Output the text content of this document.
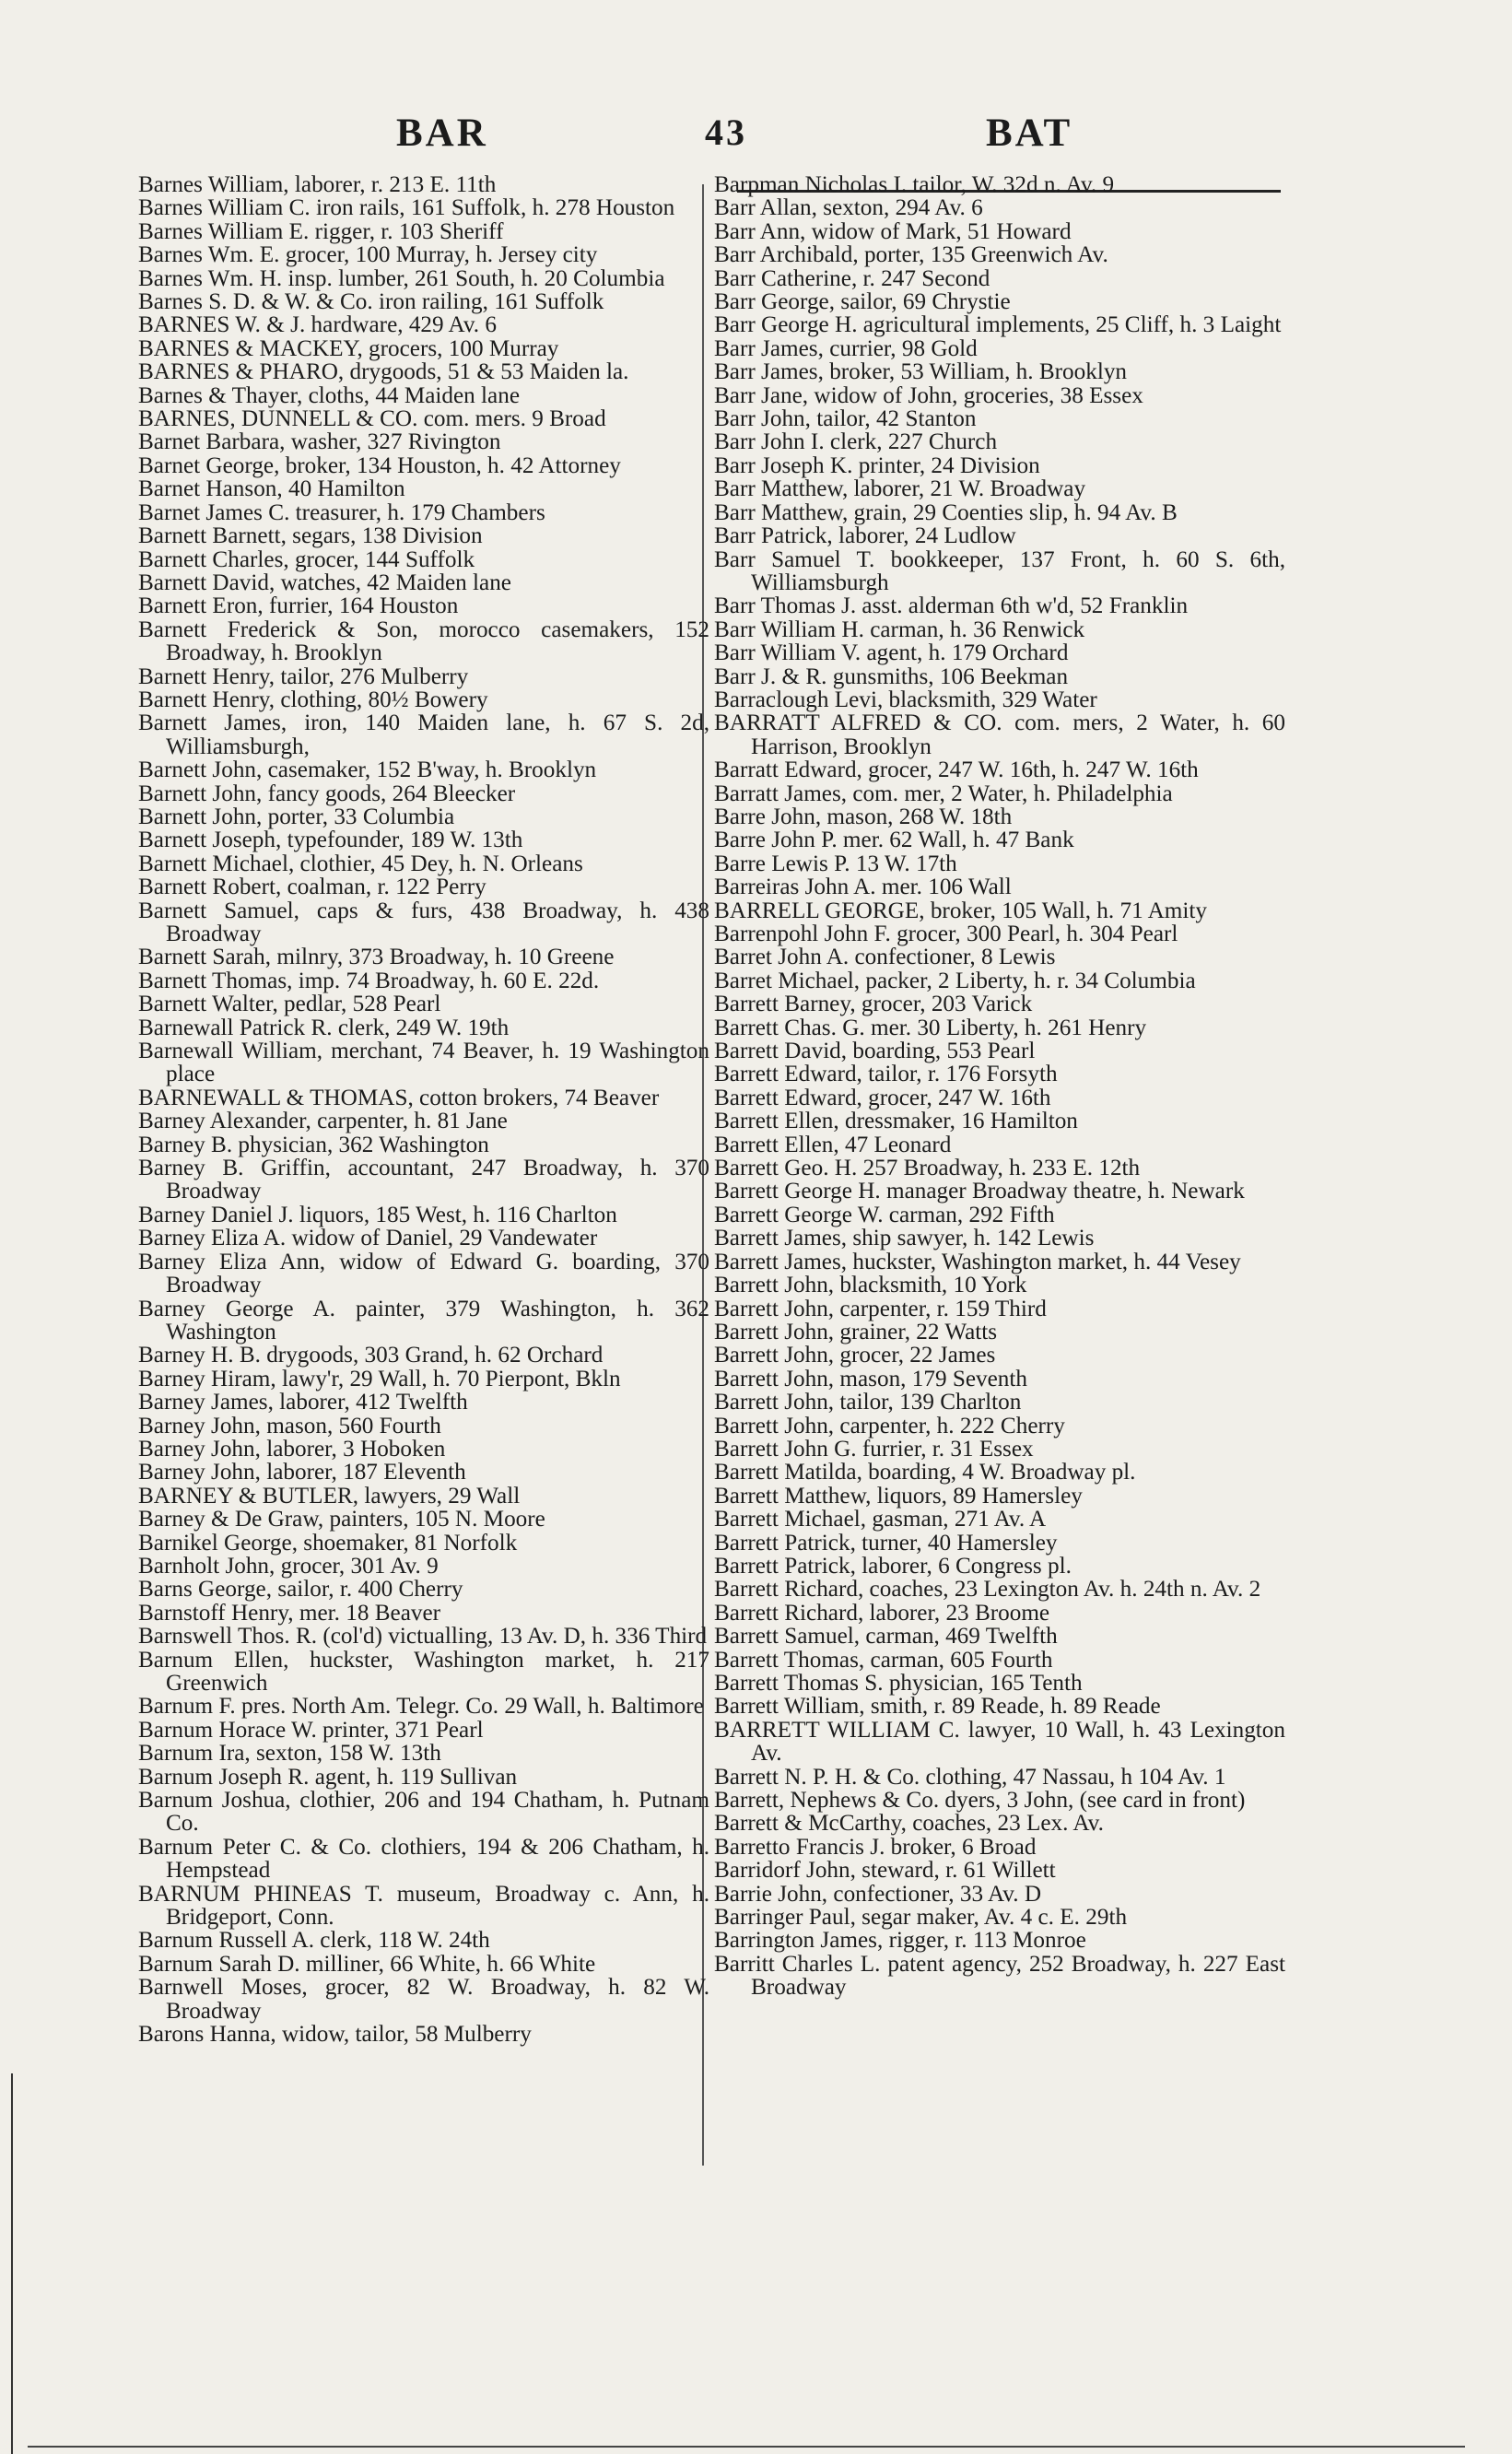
BAR	43	BAT

Barnes William, laborer, r. 213 E. 11th

Barnes William C. iron rails, 161 Suffolk, h. 278 Houston

Barnes William E. rigger, r. 103 Sheriff

Barnes Wm. E. grocer, 100 Murray, h. Jersey city

Barnes Wm. H. insp. lumber, 261 South, h. 20 Columbia

Barnes S. D. & W. & Co. iron railing, 161 Suffolk

BARNES W. & J. hardware, 429 Av. 6

BARNES & MACKEY, grocers, 100 Murray

BARNES & PHARO, drygoods, 51 & 53 Maiden la.

Barnes & Thayer, cloths, 44 Maiden lane

BARNES, DUNNELL & CO. com. mers. 9 Broad

Barnet Barbara, washer, 327 Rivington

Barnet George, broker, 134 Houston, h. 42 Attorney

Barnet Hanson, 40 Hamilton

Barnet James C. treasurer, h. 179 Chambers

Barnett Barnett, segars, 138 Division

Barnett Charles, grocer, 144 Suffolk

Barnett David, watches, 42 Maiden lane

Barnett Eron, furrier, 164 Houston

Barnett Frederick & Son, morocco casemakers, 152 Broadway, h. Brooklyn

Barnett Henry, tailor, 276 Mulberry

Barnett Henry, clothing, 80½ Bowery

Barnett James, iron, 140 Maiden lane, h. 67 S. 2d, Williamsburgh,

Barnett John, casemaker, 152 B'way, h. Brooklyn

Barnett John, fancy goods, 264 Bleecker

Barnett John, porter, 33 Columbia

Barnett Joseph, typefounder, 189 W. 13th

Barnett Michael, clothier, 45 Dey, h. N. Orleans

Barnett Robert, coalman, r. 122 Perry

Barnett Samuel, caps & furs, 438 Broadway, h. 438 Broadway

Barnett Sarah, milnry, 373 Broadway, h. 10 Greene

Barnett Thomas, imp. 74 Broadway, h. 60 E. 22d.

Barnett Walter, pedlar, 528 Pearl

Barnewall Patrick R. clerk, 249 W. 19th

Barnewall William, merchant, 74 Beaver, h. 19 Washington place

BARNEWALL & THOMAS, cotton brokers, 74 Beaver

Barney Alexander, carpenter, h. 81 Jane

Barney B. physician, 362 Washington

Barney B. Griffin, accountant, 247 Broadway, h. 370 Broadway

Barney Daniel J. liquors, 185 West, h. 116 Charlton

Barney Eliza A. widow of Daniel, 29 Vandewater

Barney Eliza Ann, widow of Edward G. boarding, 370 Broadway

Barney George A. painter, 379 Washington, h. 362 Washington

Barney H. B. drygoods, 303 Grand, h. 62 Orchard

Barney Hiram, lawy'r, 29 Wall, h. 70 Pierpont, Bkln

Barney James, laborer, 412 Twelfth

Barney John, mason, 560 Fourth

Barney John, laborer, 3 Hoboken

Barney John, laborer, 187 Eleventh

BARNEY & BUTLER, lawyers, 29 Wall

Barney & De Graw, painters, 105 N. Moore

Barnikel George, shoemaker, 81 Norfolk

Barnholt John, grocer, 301 Av. 9

Barns George, sailor, r. 400 Cherry

Barnstoff Henry, mer. 18 Beaver

Barnswell Thos. R. (col'd) victualling, 13 Av. D, h. 336 Third

Barnum Ellen, huckster, Washington market, h. 217 Greenwich

Barnum F. pres. North Am. Telegr. Co. 29 Wall, h. Baltimore

Barnum Horace W. printer, 371 Pearl

Barnum Ira, sexton, 158 W. 13th

Barnum Joseph R. agent, h. 119 Sullivan

Barnum Joshua, clothier, 206 and 194 Chatham, h. Putnam Co.

Barnum Peter C. & Co. clothiers, 194 & 206 Chatham, h. Hempstead

BARNUM PHINEAS T. museum, Broadway c. Ann, h. Bridgeport, Conn.

Barnum Russell A. clerk, 118 W. 24th

Barnum Sarah D. milliner, 66 White, h. 66 White

Barnwell Moses, grocer, 82 W. Broadway, h. 82 W. Broadway

Barons Hanna, widow, tailor, 58 Mulberry

Barpman Nicholas I. tailor, W. 32d n. Av. 9

Barr Allan, sexton, 294 Av. 6

Barr Ann, widow of Mark, 51 Howard

Barr Archibald, porter, 135 Greenwich Av.

Barr Catherine, r. 247 Second

Barr George, sailor, 69 Chrystie

Barr George H. agricultural implements, 25 Cliff, h. 3 Laight

Barr James, currier, 98 Gold

Barr James, broker, 53 William, h. Brooklyn

Barr Jane, widow of John, groceries, 38 Essex

Barr John, tailor, 42 Stanton

Barr John I. clerk, 227 Church

Barr Joseph K. printer, 24 Division

Barr Matthew, laborer, 21 W. Broadway

Barr Matthew, grain, 29 Coenties slip, h. 94 Av. B

Barr Patrick, laborer, 24 Ludlow

Barr Samuel T. bookkeeper, 137 Front, h. 60 S. 6th, Williamsburgh

Barr Thomas J. asst. alderman 6th w'd, 52 Franklin

Barr William H. carman, h. 36 Renwick

Barr William V. agent, h. 179 Orchard

Barr J. & R. gunsmiths, 106 Beekman

Barraclough Levi, blacksmith, 329 Water

BARRATT ALFRED & CO. com. mers, 2 Water, h. 60 Harrison, Brooklyn

Barratt Edward, grocer, 247 W. 16th, h. 247 W. 16th

Barratt James, com. mer, 2 Water, h. Philadelphia

Barre John, mason, 268 W. 18th

Barre John P. mer. 62 Wall, h. 47 Bank

Barre Lewis P. 13 W. 17th

Barreiras John A. mer. 106 Wall

BARRELL GEORGE, broker, 105 Wall, h. 71 Amity

Barrenpohl John F. grocer, 300 Pearl, h. 304 Pearl

Barret John A. confectioner, 8 Lewis

Barret Michael, packer, 2 Liberty, h. r. 34 Columbia

Barrett Barney, grocer, 203 Varick

Barrett Chas. G. mer. 30 Liberty, h. 261 Henry

Barrett David, boarding, 553 Pearl

Barrett Edward, tailor, r. 176 Forsyth

Barrett Edward, grocer, 247 W. 16th

Barrett Ellen, dressmaker, 16 Hamilton

Barrett Ellen, 47 Leonard

Barrett Geo. H. 257 Broadway, h. 233 E. 12th

Barrett George H. manager Broadway theatre, h. Newark

Barrett George W. carman, 292 Fifth

Barrett James, ship sawyer, h. 142 Lewis

Barrett James, huckster, Washington market, h. 44 Vesey

Barrett John, blacksmith, 10 York

Barrett John, carpenter, r. 159 Third

Barrett John, grainer, 22 Watts

Barrett John, grocer, 22 James

Barrett John, mason, 179 Seventh

Barrett John, tailor, 139 Charlton

Barrett John, carpenter, h. 222 Cherry

Barrett John G. furrier, r. 31 Essex

Barrett Matilda, boarding, 4 W. Broadway pl.

Barrett Matthew, liquors, 89 Hamersley

Barrett Michael, gasman, 271 Av. A

Barrett Patrick, turner, 40 Hamersley

Barrett Patrick, laborer, 6 Congress pl.

Barrett Richard, coaches, 23 Lexington Av. h. 24th n. Av. 2

Barrett Richard, laborer, 23 Broome

Barrett Samuel, carman, 469 Twelfth

Barrett Thomas, carman, 605 Fourth

Barrett Thomas S. physician, 165 Tenth

Barrett William, smith, r. 89 Reade, h. 89 Reade

BARRETT WILLIAM C. lawyer, 10 Wall, h. 43 Lexington Av.

Barrett N. P. H. & Co. clothing, 47 Nassau, h 104 Av. 1

Barrett, Nephews & Co. dyers, 3 John, (see card in front)

Barrett & McCarthy, coaches, 23 Lex. Av.

Barretto Francis J. broker, 6 Broad

Barridorf John, steward, r. 61 Willett

Barrie John, confectioner, 33 Av. D

Barringer Paul, segar maker, Av. 4 c. E. 29th

Barrington James, rigger, r. 113 Monroe

Barritt Charles L. patent agency, 252 Broadway, h. 227 East Broadway
